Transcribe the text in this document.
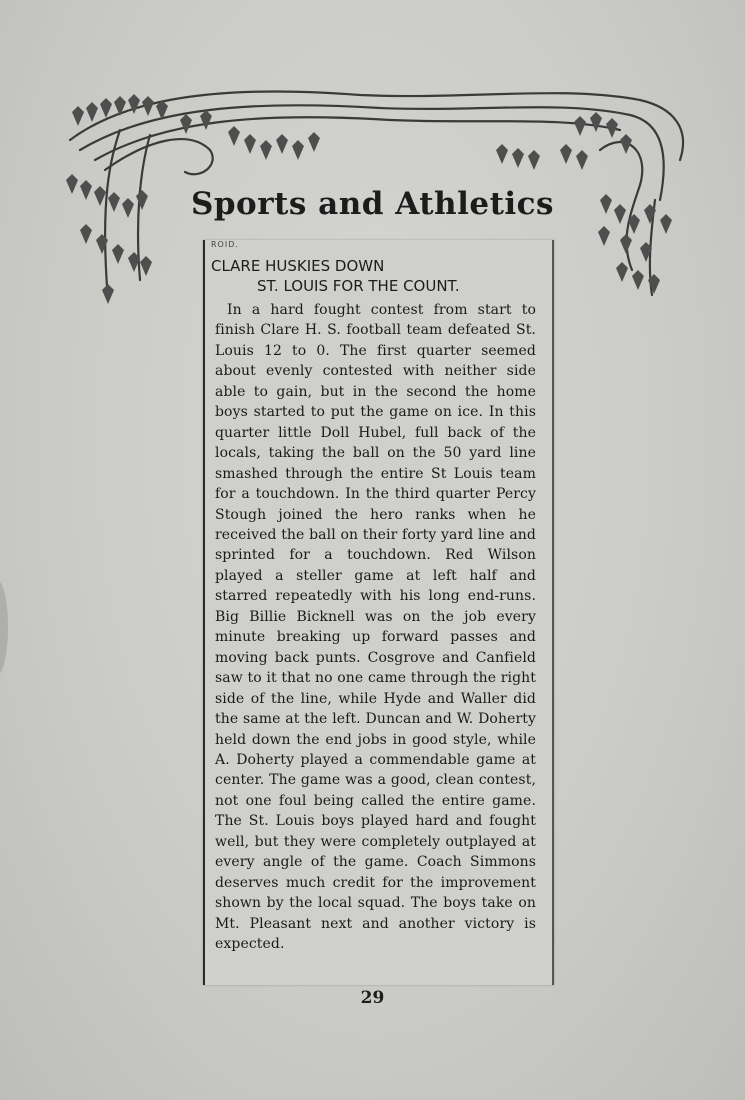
Sports and Athletics
ROID.
CLARE HUSKIES DOWN
ST. LOUIS FOR THE COUNT.
In a hard fought contest from start to finish Clare H. S. football team defeated St. Louis 12 to 0. The first quarter seemed about evenly contested with neither side able to gain, but in the second the home boys started to put the game on ice. In this quarter little Doll Hubel, full back of the locals, taking the ball on the 50 yard line smashed through the entire St Louis team for a touchdown. In the third quarter Percy Stough joined the hero ranks when he received the ball on their forty yard line and sprinted for a touchdown. Red Wilson played a steller game at left half and starred repeatedly with his long end-runs. Big Billie Bicknell was on the job every minute breaking up forward passes and moving back punts. Cosgrove and Canfield saw to it that no one came through the right side of the line, while Hyde and Waller did the same at the left. Duncan and W. Doherty held down the end jobs in good style, while A. Doherty played a commendable game at center. The game was a good, clean contest, not one foul being called the entire game. The St. Louis boys played hard and fought well, but they were completely outplayed at every angle of the game. Coach Simmons deserves much credit for the improvement shown by the local squad. The boys take on Mt. Pleasant next and another victory is expected.
29
